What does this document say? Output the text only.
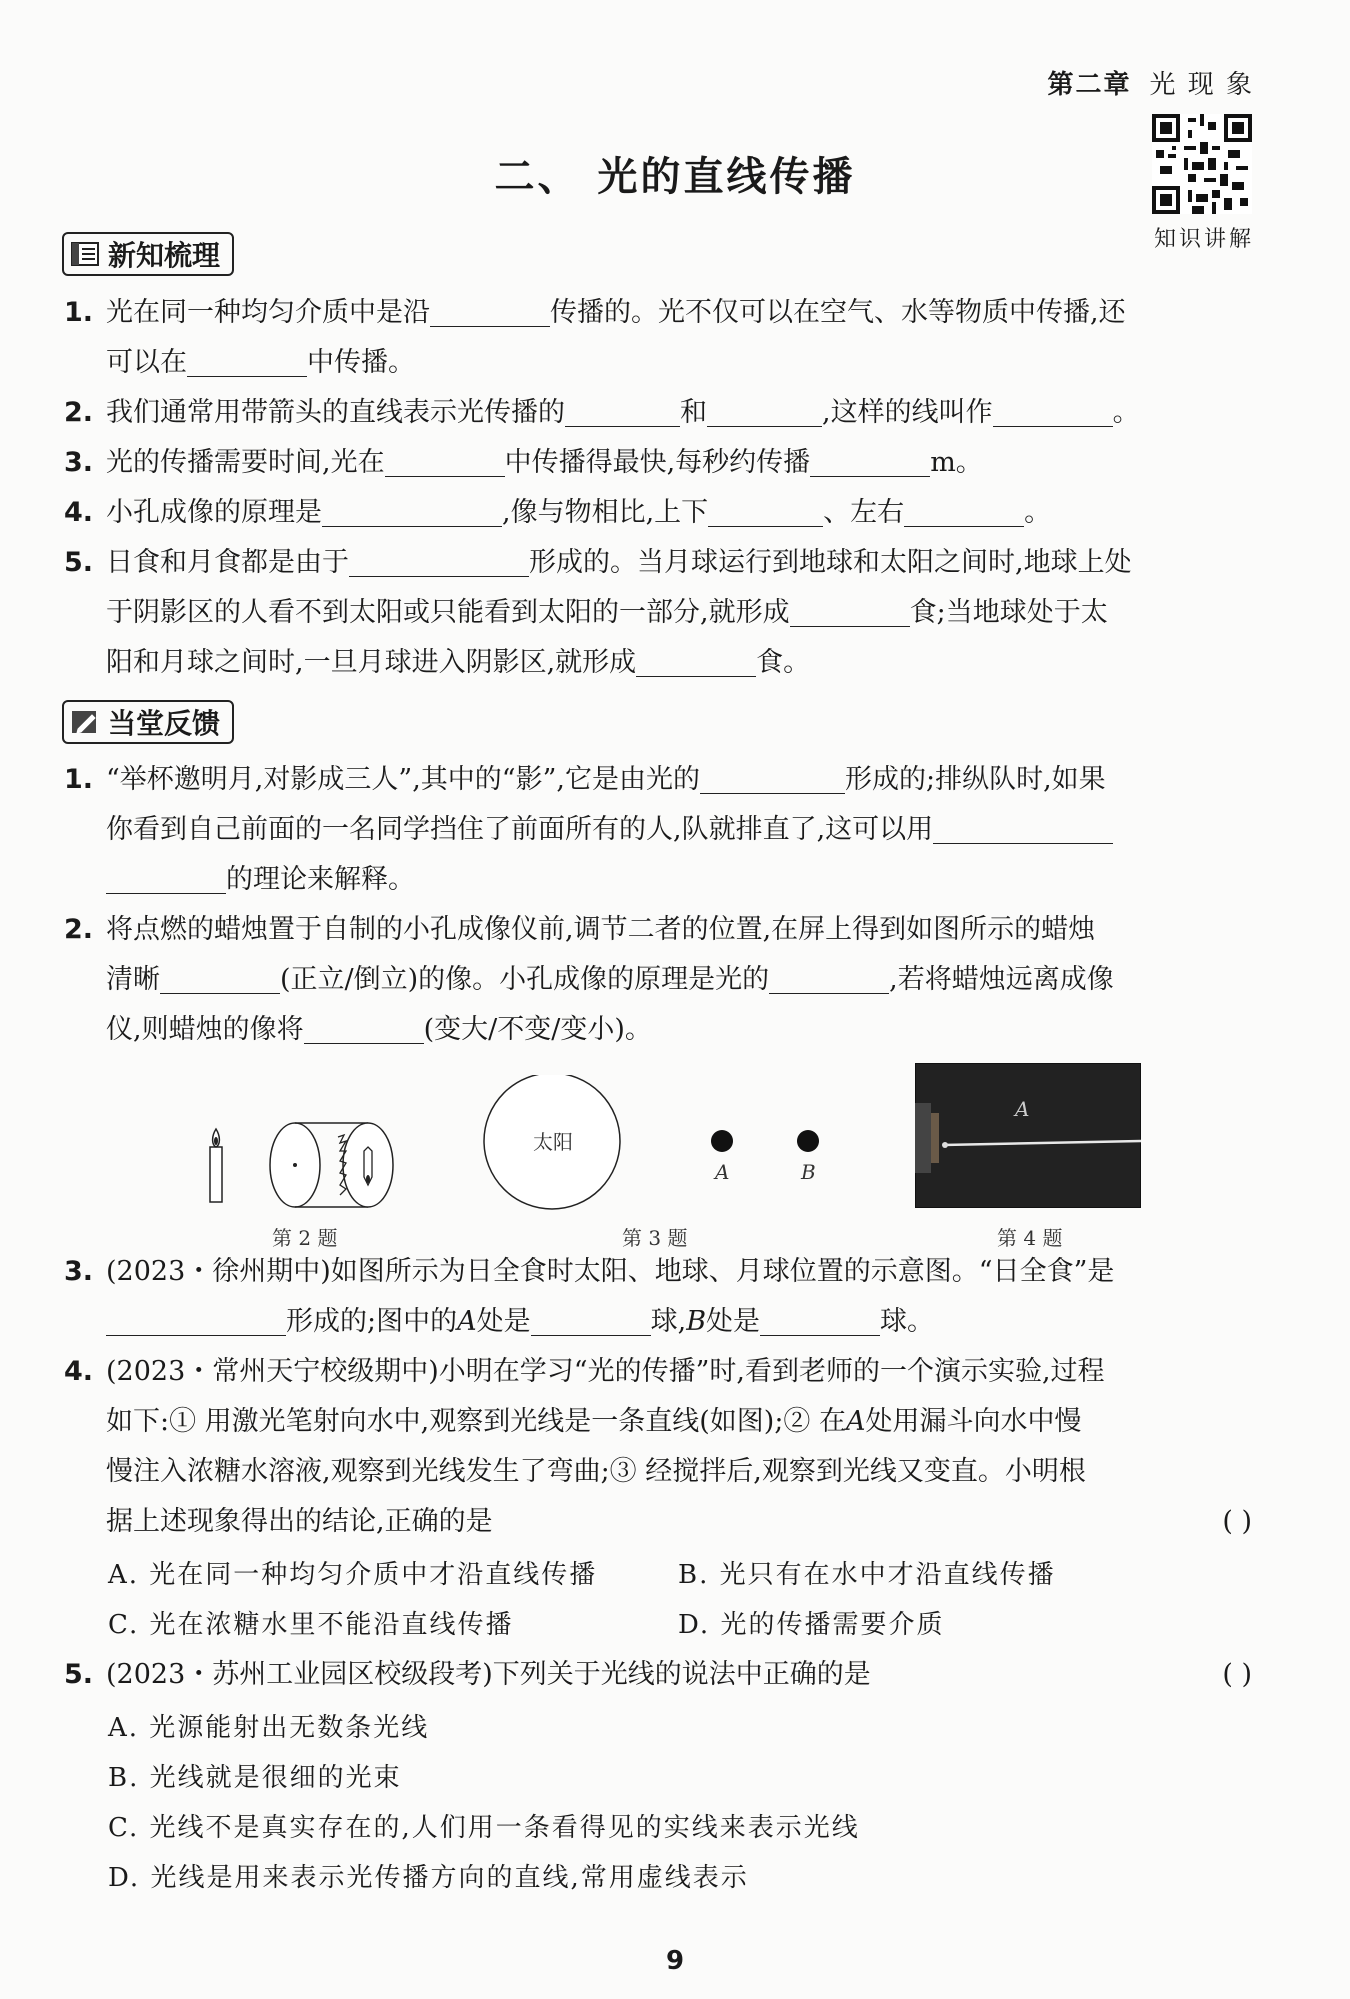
第二章 光 现 象
知识讲解
二、 光的直线传播
新知梳理
1. 光在同一种均匀介质中是沿	传播的。光不仅可以在空气、水等物质中传播,还
可以在	中传播。
2. 我们通常用带箭头的直线表示光传播的	和	,这样的线叫作	。
3. 光的传播需要时间,光在	中传播得最快,每秒约传播	m。
4. 小孔成像的原理是	,像与物相比,上下	、左右	。
5. 日食和月食都是由于	形成的。当月球运行到地球和太阳之间时,地球上处
于阴影区的人看不到太阳或只能看到太阳的一部分,就形成	食;当地球处于太
阳和月球之间时,一旦月球进入阴影区,就形成	食。
当堂反馈
1. “举杯邀明月,对影成三人”,其中的“影”,它是由光的	形成的;排纵队时,如果
你看到自己前面的一名同学挡住了前面所有的人,队就排直了,这可以用
的理论来解释。
2. 将点燃的蜡烛置于自制的小孔成像仪前,调节二者的位置,在屏上得到如图所示的蜡烛
清晰	(正立/倒立)的像。小孔成像的原理是光的	,若将蜡烛远离成像
仪,则蜡烛的像将	(变大/不变/变小)。
第 2 题
太阳
A	B
第 3 题
A
第 4 题
3. (2023・徐州期中)如图所示为日全食时太阳、地球、月球位置的示意图。“日全食”是
形成的;图中的A处是	球,B处是	球。
4. (2023・常州天宁校级期中)小明在学习“光的传播”时,看到老师的一个演示实验,过程
如下:① 用激光笔射向水中,观察到光线是一条直线(如图);② 在A处用漏斗向水中慢
慢注入浓糖水溶液,观察到光线发生了弯曲;③ 经搅拌后,观察到光线又变直。小明根
据上述现象得出的结论,正确的是	( )
A. 光在同一种均匀介质中才沿直线传播	B. 光只有在水中才沿直线传播
C. 光在浓糖水里不能沿直线传播	D. 光的传播需要介质
5. (2023・苏州工业园区校级段考)下列关于光线的说法中正确的是	( )
A. 光源能射出无数条光线
B. 光线就是很细的光束
C. 光线不是真实存在的,人们用一条看得见的实线来表示光线
D. 光线是用来表示光传播方向的直线,常用虚线表示
9
